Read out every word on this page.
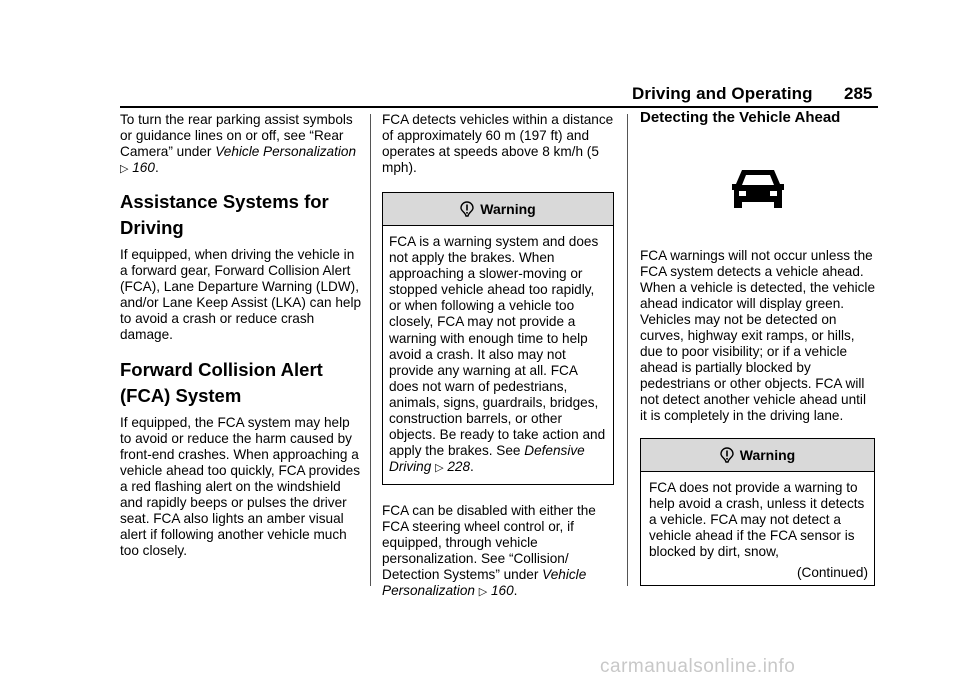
Driving and Operating 285

To turn the rear parking assist symbols or guidance lines on or off, see “Rear Camera” under Vehicle Personalization ▷ 160.

Assistance Systems for
Driving

If equipped, when driving the vehicle in a forward gear, Forward Collision Alert (FCA), Lane Departure Warning (LDW), and/or Lane Keep Assist (LKA) can help to avoid a crash or reduce crash damage.

Forward Collision Alert
(FCA) System

If equipped, the FCA system may help to avoid or reduce the harm caused by front-end crashes. When approaching a vehicle ahead too quickly, FCA provides a red flashing alert on the windshield and rapidly beeps or pulses the driver seat. FCA also lights an amber visual alert if following another vehicle much too closely.

FCA detects vehicles within a distance of approximately 60 m (197 ft) and operates at speeds above 8 km/h (5 mph).

Warning
FCA is a warning system and does not apply the brakes. When approaching a slower-moving or stopped vehicle ahead too rapidly, or when following a vehicle too closely, FCA may not provide a warning with enough time to help avoid a crash. It also may not provide any warning at all. FCA does not warn of pedestrians, animals, signs, guardrails, bridges, construction barrels, or other objects. Be ready to take action and apply the brakes. See Defensive Driving ▷ 228.

FCA can be disabled with either the FCA steering wheel control or, if equipped, through vehicle personalization. See “Collision/ Detection Systems” under Vehicle Personalization ▷ 160.

Detecting the Vehicle Ahead

FCA warnings will not occur unless the FCA system detects a vehicle ahead. When a vehicle is detected, the vehicle ahead indicator will display green. Vehicles may not be detected on curves, highway exit ramps, or hills, due to poor visibility; or if a vehicle ahead is partially blocked by pedestrians or other objects. FCA will not detect another vehicle ahead until it is completely in the driving lane.

Warning
FCA does not provide a warning to help avoid a crash, unless it detects a vehicle. FCA may not detect a vehicle ahead if the FCA sensor is blocked by dirt, snow,
(Continued)
carmanualsonline.info
